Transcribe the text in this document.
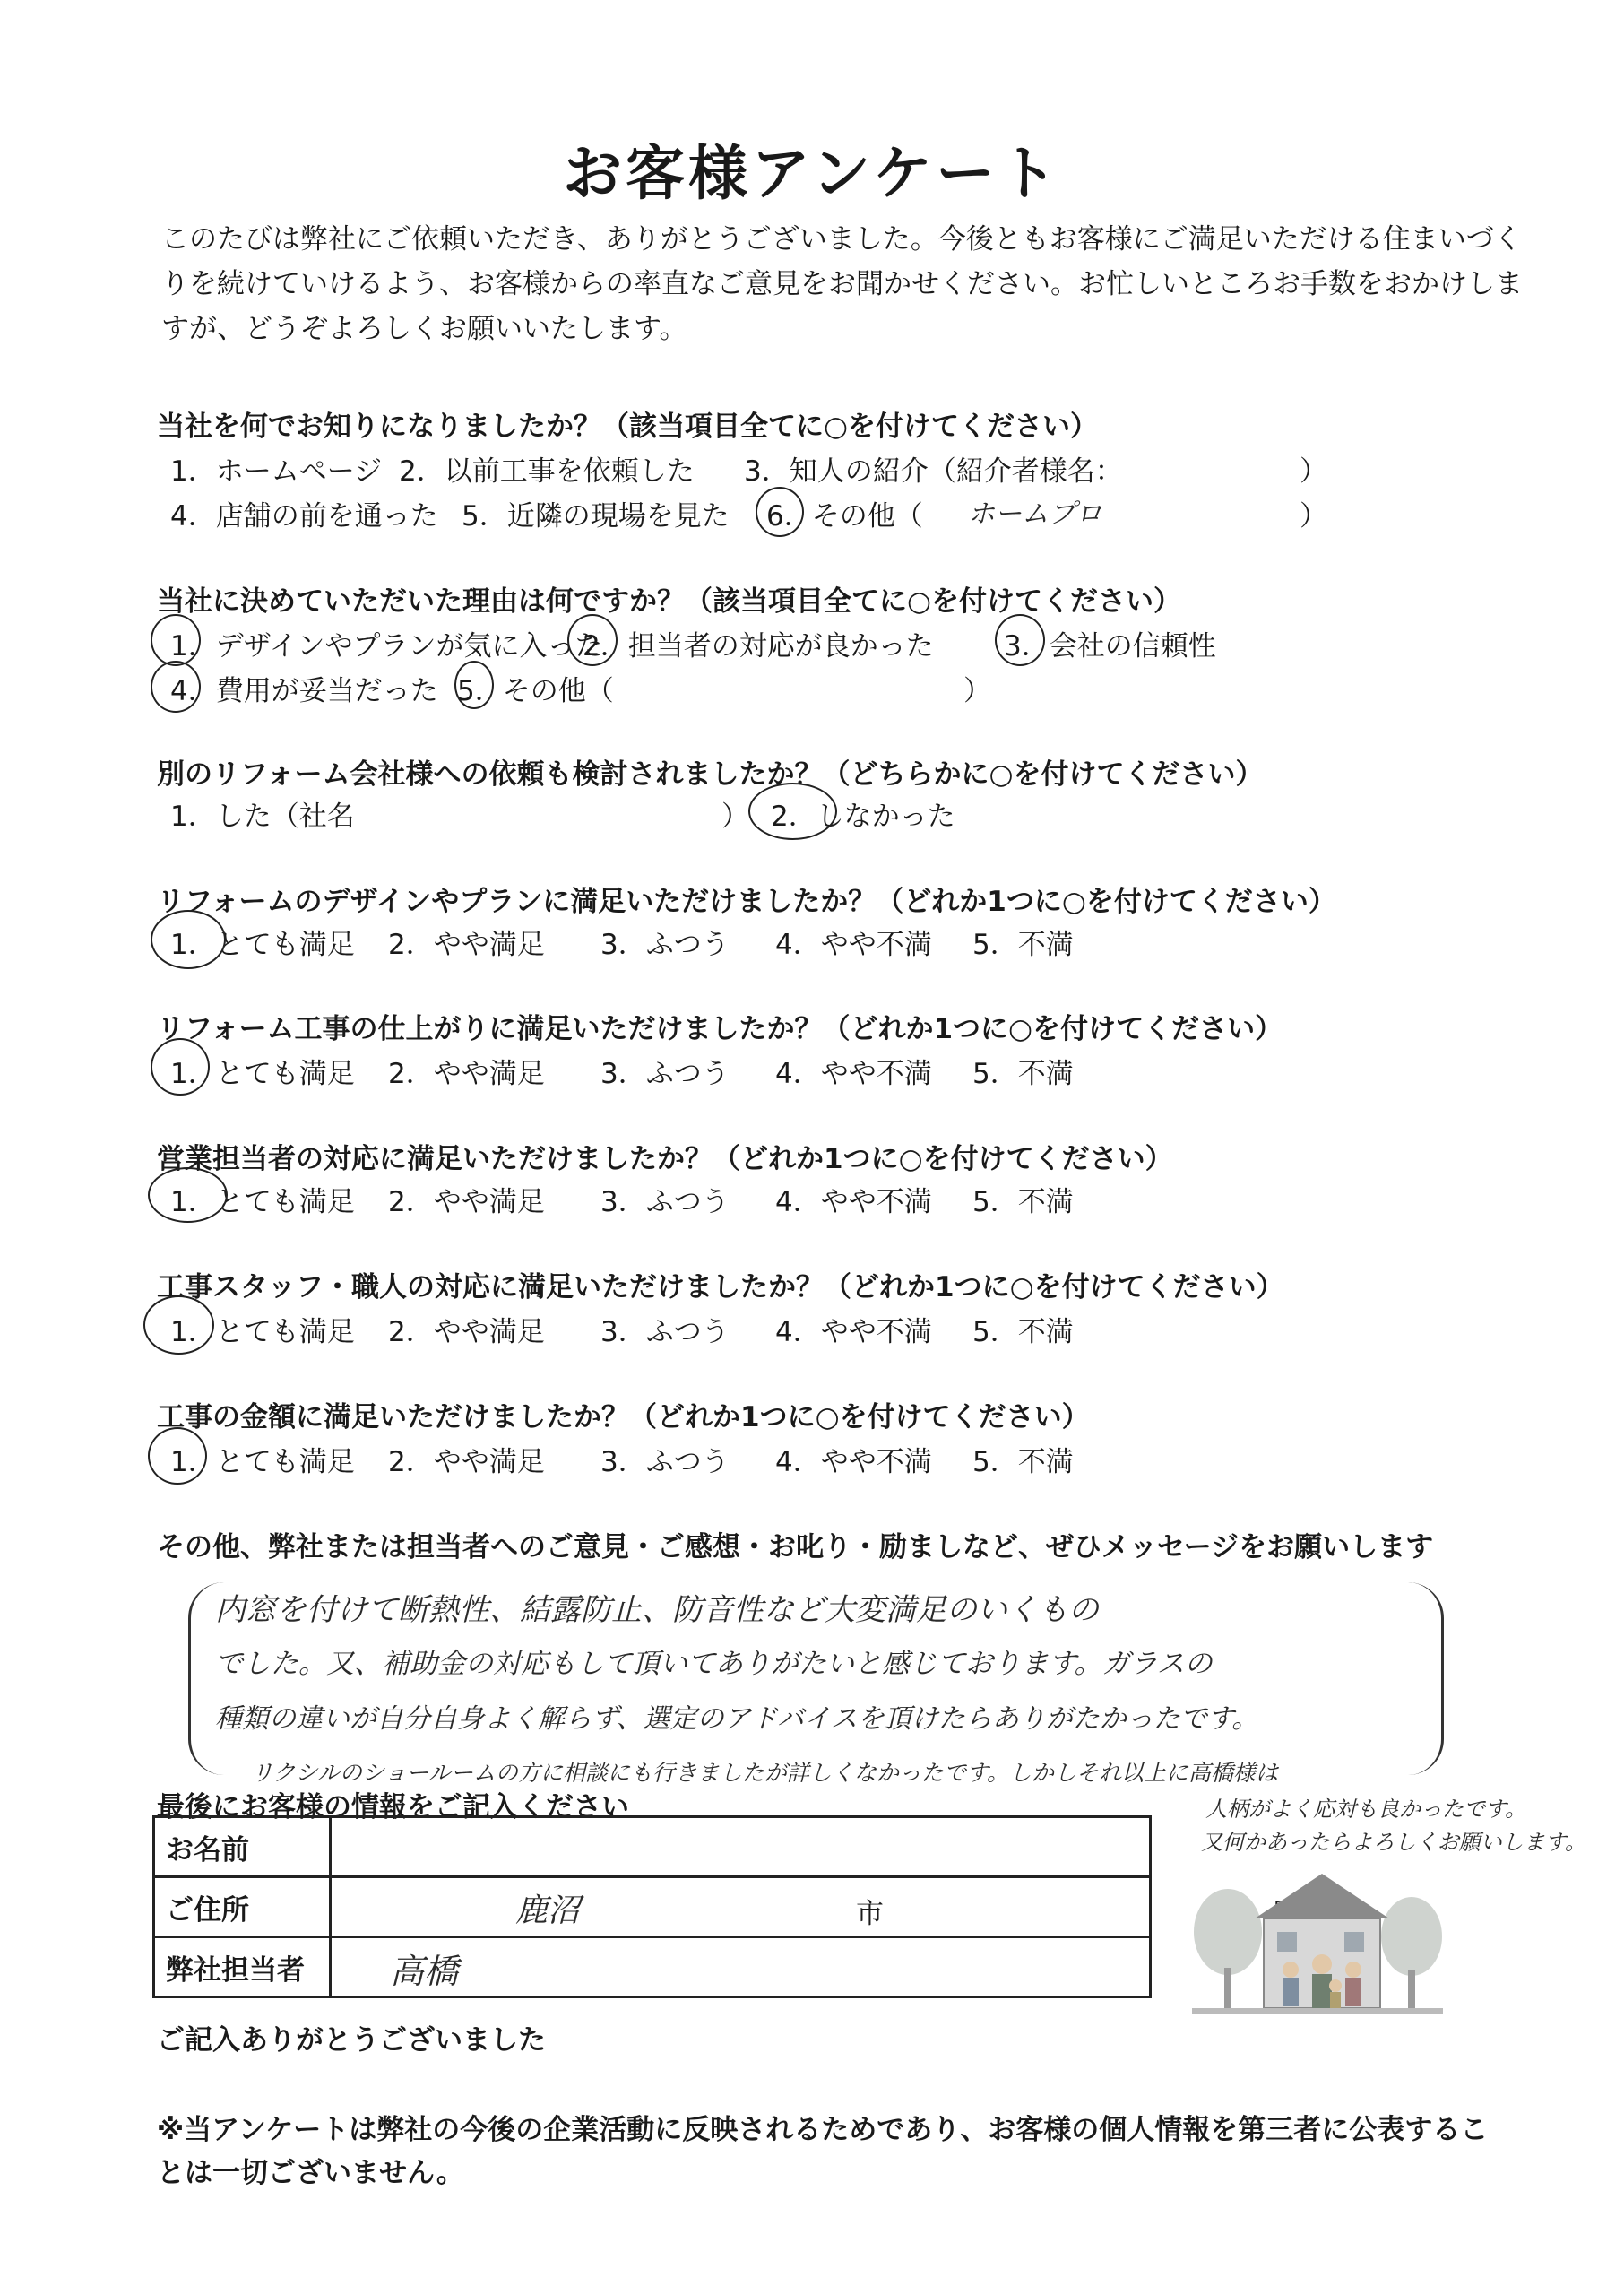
お客様アンケート
このたびは弊社にご依頼いただき、ありがとうございました。今後ともお客様にご満足いただける住まいづく
りを続けていけるよう、お客様からの率直なご意見をお聞かせください。お忙しいところお手数をおかけしま
すが、どうぞよろしくお願いいたします。
当社を何でお知りになりましたか？（該当項目全てに○を付けてください）
1．ホームページ 2．以前工事を依頼した 3．知人の紹介（紹介者様名：	）
4．店舗の前を通った 5．近隣の現場を見た 6．その他（ ホームプロ	）
当社に決めていただいた理由は何ですか？（該当項目全てに○を付けてください）
1．デザインやプランが気に入った
2．担当者の対応が良かった	3．会社の信頼性
4．費用が妥当だった 5．その他（	）
別のリフォーム会社様への依頼も検討されましたか？（どちらかに○を付けてください）
1．した（社名	） 2．しなかった
リフォームのデザインやプランに満足いただけましたか？（どれか1つに○を付けてください）
1．とても満足 2．やや満足 3．ふつう 4．やや不満 5．不満
リフォーム工事の仕上がりに満足いただけましたか？（どれか1つに○を付けてください）
1．とても満足 2．やや満足 3．ふつう 4．やや不満 5．不満
営業担当者の対応に満足いただけましたか？（どれか1つに○を付けてください）
1．とても満足 2．やや満足 3．ふつう 4．やや不満 5．不満
工事スタッフ・職人の対応に満足いただけましたか？（どれか1つに○を付けてください）
1．とても満足 2．やや満足 3．ふつう 4．やや不満 5．不満
工事の金額に満足いただけましたか？（どれか1つに○を付けてください）
1．とても満足 2．やや満足 3．ふつう 4．やや不満 5．不満
その他、弊社または担当者へのご意見・ご感想・お叱り・励ましなど、ぜひメッセージをお願いします
内窓を付けて断熱性、結露防止、防音性など大変満足のいくもの
でした。又、補助金の対応もして頂いてありがたいと感じております。ガラスの
種類の違いが自分自身よく解らず、選定のアドバイスを頂けたらありがたかったです。
リクシルのショールームの方に相談にも行きましたが詳しくなかったです。しかしそれ以上に高橋様は
人柄がよく応対も良かったです。
又何かあったらよろしくお願いします。
最後にお客様の情報をご記入ください
お名前	
ご住所	鹿沼 市

弊社担当者	高橋
ご記入ありがとうございました
※当アンケートは弊社の今後の企業活動に反映されるためであり、お客様の個人情報を第三者に公表するこ
とは一切ございません。
